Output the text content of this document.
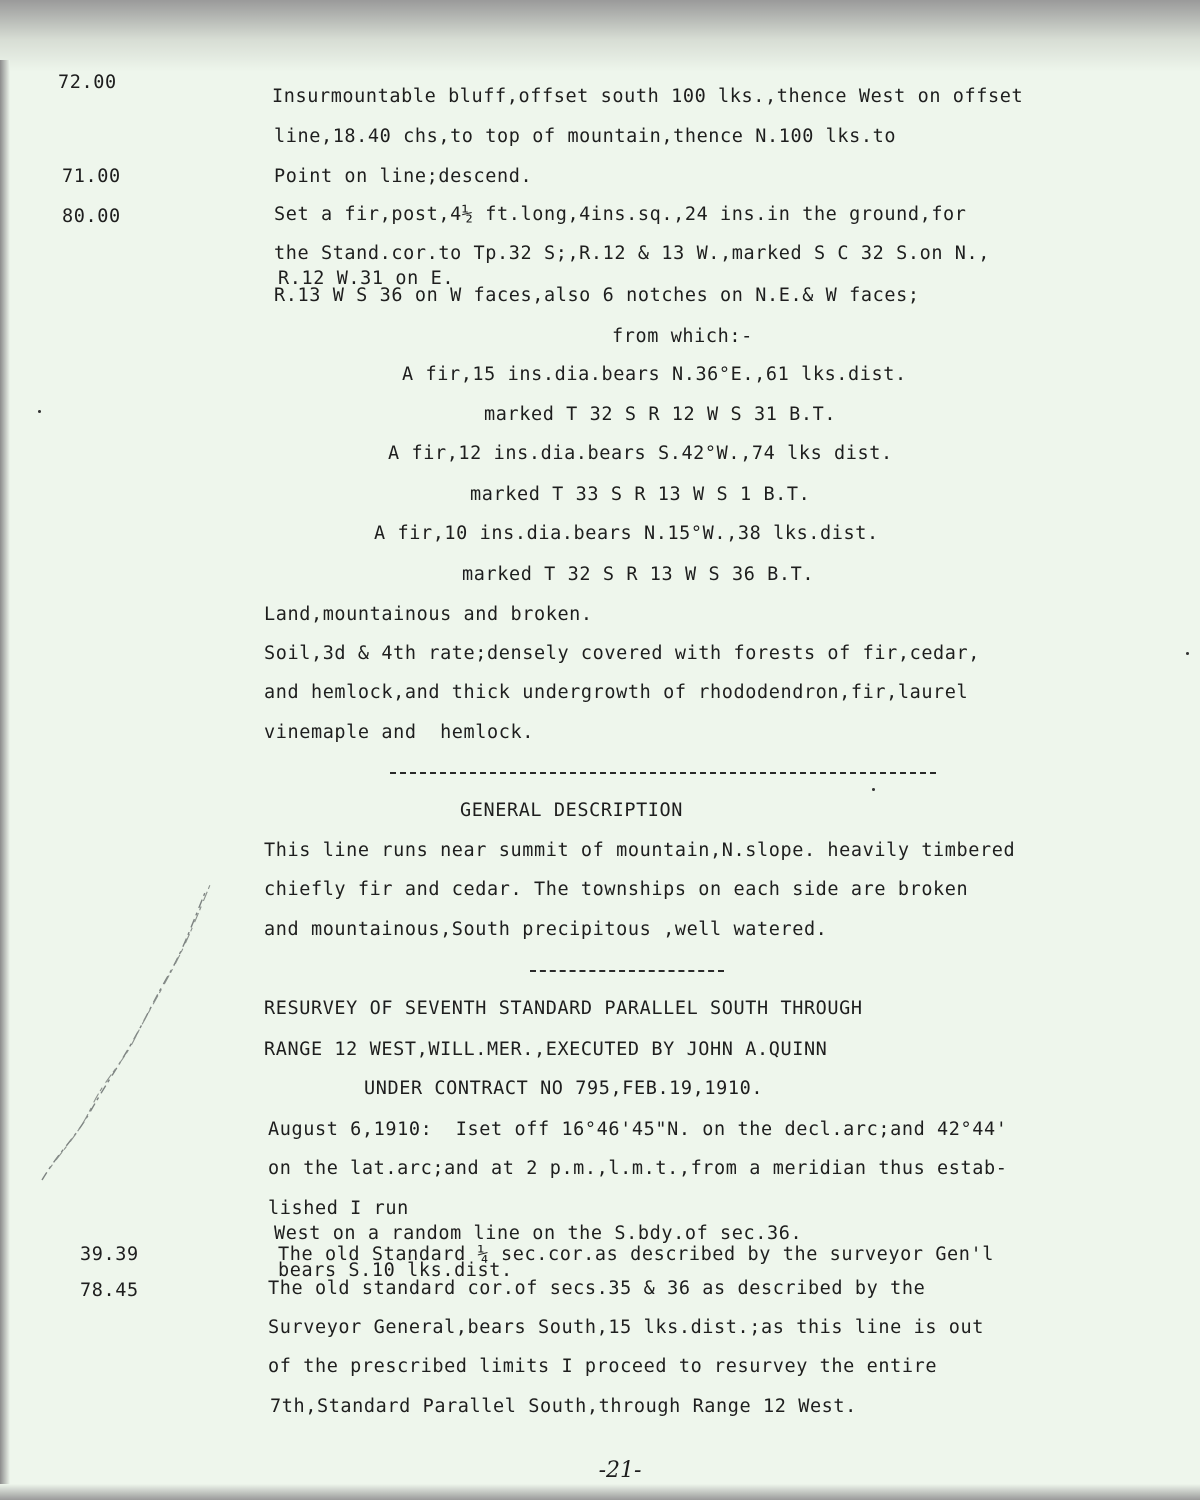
72.00
71.00
80.00
39.39
78.45
Insurmountable bluff,offset south 100 lks.,thence West on offset
line,18.40 chs,to top of mountain,thence N.100 lks.to
Point on line;descend.
Set a fir,post,4½ ft.long,4ins.sq.,24 ins.in the ground,for
the Stand.cor.to Tp.32 S;,R.12 & 13 W.,marked S C 32 S.on N.,
R.12 W.31 on E.
R.13 W S 36 on W faces,also 6 notches on N.E.& W faces;
from which:-
A fir,15 ins.dia.bears N.36°E.,61 lks.dist.
marked T 32 S R 12 W S 31 B.T.
A fir,12 ins.dia.bears S.42°W.,74 lks dist.
marked T 33 S R 13 W S 1 B.T.
A fir,10 ins.dia.bears N.15°W.,38 lks.dist.
marked T 32 S R 13 W S 36 B.T.
Land,mountainous and broken.
Soil,3d & 4th rate;densely covered with forests of fir,cedar,
and hemlock,and thick undergrowth of rhododendron,fir,laurel
vinemaple and  hemlock.
GENERAL DESCRIPTION
This line runs near summit of mountain,N.slope. heavily timbered
chiefly fir and cedar. The townships on each side are broken
and mountainous,South precipitous ,well watered.
RESURVEY OF SEVENTH STANDARD PARALLEL SOUTH THROUGH
RANGE 12 WEST,WILL.MER.,EXECUTED BY JOHN A.QUINN
UNDER CONTRACT NO 795,FEB.19,1910.
August 6,1910:  Iset off 16°46'45"N. on the decl.arc;and 42°44'
on the lat.arc;and at 2 p.m.,l.m.t.,from a meridian thus estab-
lished I run
West on a random line on the S.bdy.of sec.36.
The old Standard ¼ sec.cor.as described by the surveyor Gen'l
bears S.10 lks.dist.
The old standard cor.of secs.35 & 36 as described by the
Surveyor General,bears South,15 lks.dist.;as this line is out
of the prescribed limits I proceed to resurvey the entire
7th,Standard Parallel South,through Range 12 West.
-21-
